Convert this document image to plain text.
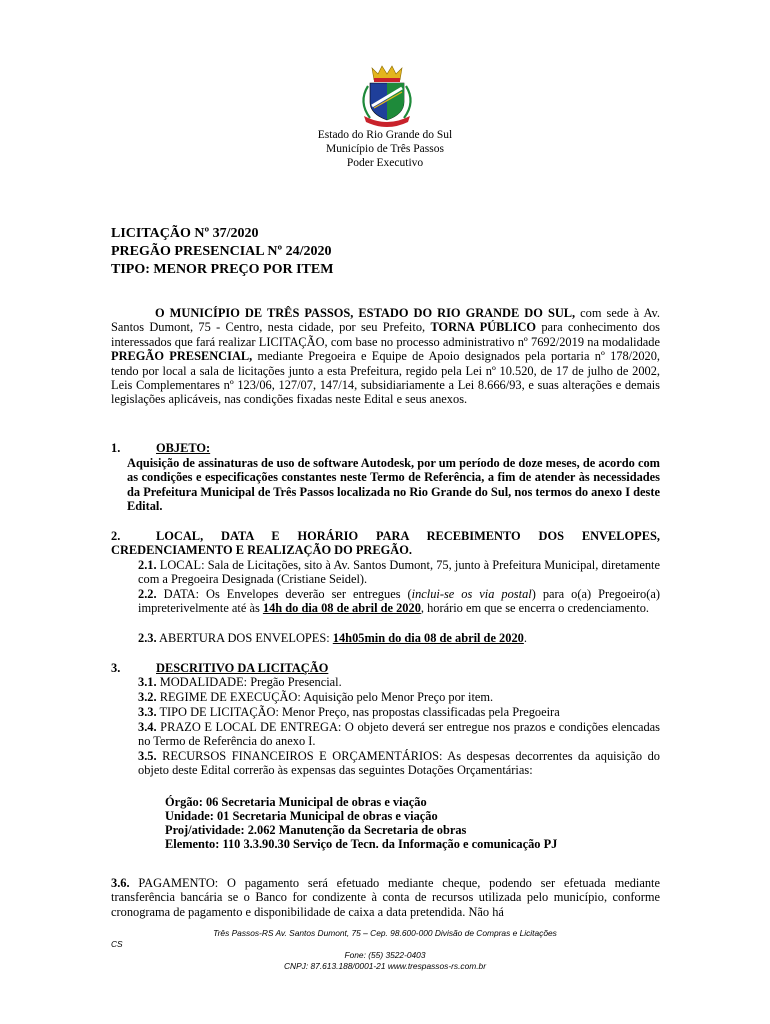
Estado do Rio Grande do Sul
Município de Três Passos
Poder Executivo
LICITAÇÃO Nº 37/2020
PREGÃO PRESENCIAL Nº 24/2020
TIPO: MENOR PREÇO POR ITEM
O MUNICÍPIO DE TRÊS PASSOS, ESTADO DO RIO GRANDE DO SUL, com sede à Av. Santos Dumont, 75 - Centro, nesta cidade, por seu Prefeito, TORNA PÚBLICO para conhecimento dos interessados que fará realizar LICITAÇÃO, com base no processo administrativo nº 7692/2019 na modalidade PREGÃO PRESENCIAL, mediante Pregoeira e Equipe de Apoio designados pela portaria nº 178/2020, tendo por local a sala de licitações junto a esta Prefeitura, regido pela Lei nº 10.520, de 17 de julho de 2002, Leis Complementares nº 123/06, 127/07, 147/14, subsidiariamente a Lei 8.666/93, e suas alterações e demais legislações aplicáveis, nas condições fixadas neste Edital e seus anexos.
1.	OBJETO:
Aquisição de assinaturas de uso de software Autodesk, por um período de doze meses, de acordo com as condições e especificações constantes neste Termo de Referência, a fim de atender às necessidades da Prefeitura Municipal de Três Passos localizada no Rio Grande do Sul, nos termos do anexo I deste Edital.
2.	LOCAL, DATA E HORÁRIO PARA RECEBIMENTO DOS ENVELOPES,
CREDENCIAMENTO E REALIZAÇÃO DO PREGÃO.
2.1. LOCAL: Sala de Licitações, sito à Av. Santos Dumont, 75, junto à Prefeitura Municipal, diretamente com a Pregoeira Designada (Cristiane Seidel).
2.2. DATA: Os Envelopes deverão ser entregues (inclui-se os via postal) para o(a) Pregoeiro(a) impreterivelmente até às 14h do dia 08 de abril de 2020, horário em que se encerra o credenciamento.
2.3. ABERTURA DOS ENVELOPES: 14h05min do dia 08 de abril de 2020.
3.	DESCRITIVO DA LICITAÇÃO
3.1. MODALIDADE: Pregão Presencial.
3.2. REGIME DE EXECUÇÃO: Aquisição pelo Menor Preço por item.
3.3. TIPO DE LICITAÇÃO: Menor Preço, nas propostas classificadas pela Pregoeira
3.4. PRAZO E LOCAL DE ENTREGA: O objeto deverá ser entregue nos prazos e condições elencadas no Termo de Referência do anexo I.
3.5. RECURSOS FINANCEIROS E ORÇAMENTÁRIOS: As despesas decorrentes da aquisição do objeto deste Edital correrão às expensas das seguintes Dotações Orçamentárias:
Órgão: 06 Secretaria Municipal de obras e viação
Unidade: 01 Secretaria Municipal de obras e viação
Proj/atividade: 2.062 Manutenção da Secretaria de obras
Elemento: 110 3.3.90.30 Serviço de Tecn. da Informação e comunicação PJ
3.6. PAGAMENTO: O pagamento será efetuado mediante cheque, podendo ser efetuada mediante transferência bancária se o Banco for condizente à conta de recursos utilizada pelo município, conforme cronograma de pagamento e disponibilidade de caixa a data pretendida. Não há
Três Passos-RS Av. Santos Dumont, 75 – Cep. 98.600-000 Divisão de Compras e Licitações
CS
Fone: (55) 3522-0403
CNPJ: 87.613.188/0001-21 www.trespassos-rs.com.br
